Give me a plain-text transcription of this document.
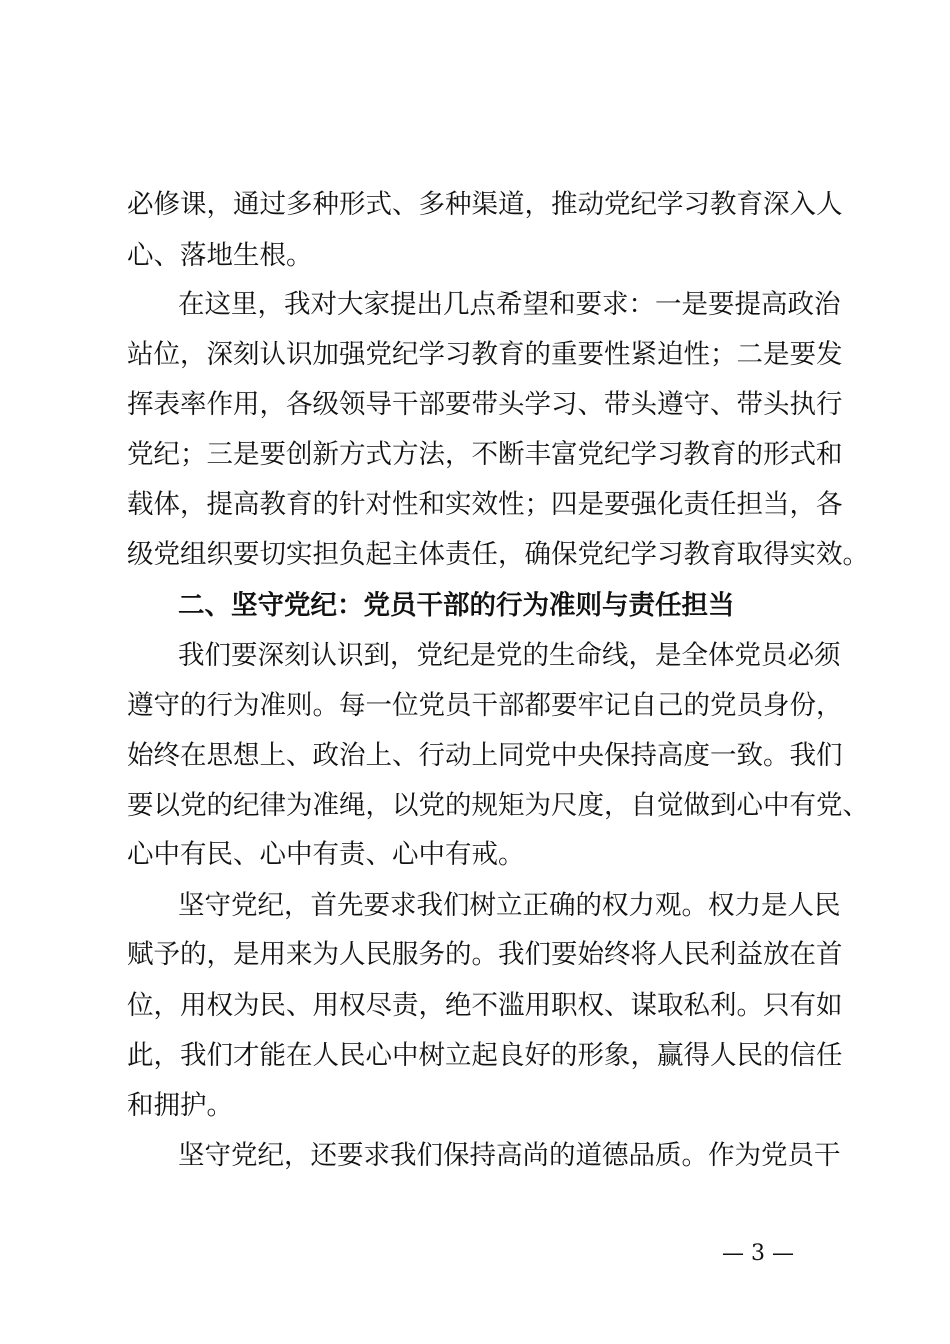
必修课，通过多种形式、多种渠道，推动党纪学习教育深入人
心、落地生根。
在这里，我对大家提出几点希望和要求：一是要提高政治
站位，深刻认识加强党纪学习教育的重要性紧迫性；二是要发
挥表率作用，各级领导干部要带头学习、带头遵守、带头执行
党纪；三是要创新方式方法，不断丰富党纪学习教育的形式和
载体，提高教育的针对性和实效性；四是要强化责任担当，各
级党组织要切实担负起主体责任，确保党纪学习教育取得实效。
二、坚守党纪：党员干部的行为准则与责任担当
我们要深刻认识到，党纪是党的生命线，是全体党员必须
遵守的行为准则。每一位党员干部都要牢记自己的党员身份，
始终在思想上、政治上、行动上同党中央保持高度一致。我们
要以党的纪律为准绳，以党的规矩为尺度，自觉做到心中有党、
心中有民、心中有责、心中有戒。
坚守党纪，首先要求我们树立正确的权力观。权力是人民
赋予的，是用来为人民服务的。我们要始终将人民利益放在首
位，用权为民、用权尽责，绝不滥用职权、谋取私利。只有如
此，我们才能在人民心中树立起良好的形象，赢得人民的信任
和拥护。
坚守党纪，还要求我们保持高尚的道德品质。作为党员干
— 3 —
